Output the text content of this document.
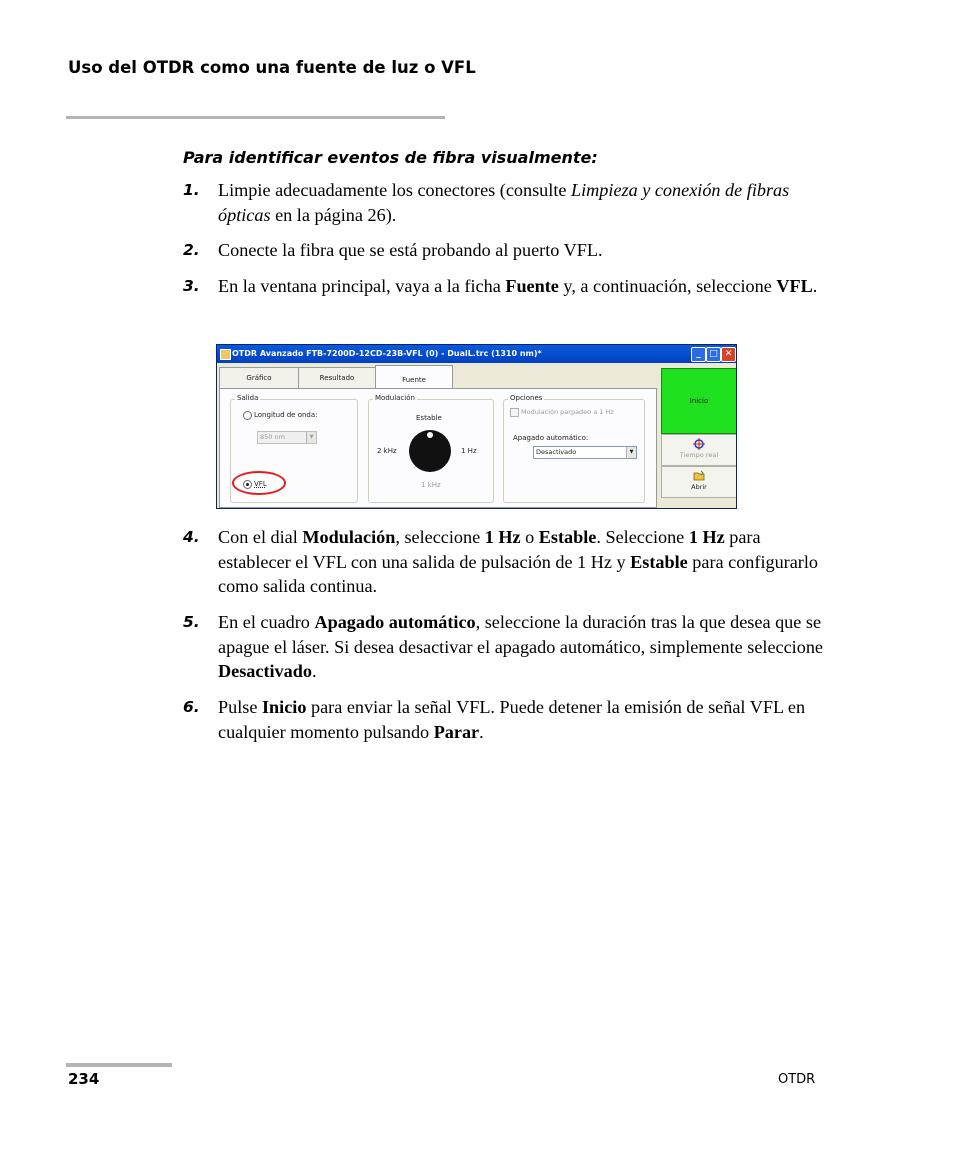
Uso del OTDR como una fuente de luz o VFL
Para identificar eventos de fibra visualmente:
1. Limpie adecuadamente los conectores (consulte Limpieza y conexión de fibras ópticas en la página 26).
2. Conecte la fibra que se está probando al puerto VFL.
3. En la ventana principal, vaya a la ficha Fuente y, a continuación, seleccione VFL.
OTDR Avanzado FTB-7200D-12CD-23B-VFL (0) - DualL.trc (1310 nm)*	_ □ ✕
Gráfico	Resultado	Fuente
Salida
Longitud de onda:
850 nm	▼
VFL
Modulación
Estable
2 kHz	1 Hz
1 kHz
Opciones
Modulación parpadeo a 1 Hz
Apagado automático:
Desactivado	▼
Inicio
Tiempo real
Abrir
4. Con el dial Modulación, seleccione 1 Hz o Estable. Seleccione 1 Hz para establecer el VFL con una salida de pulsación de 1 Hz y Estable para configurarlo como salida continua.
5. En el cuadro Apagado automático, seleccione la duración tras la que desea que se apague el láser. Si desea desactivar el apagado automático, simplemente seleccione Desactivado.
6. Pulse Inicio para enviar la señal VFL. Puede detener la emisión de señal VFL en cualquier momento pulsando Parar.
234	OTDR
